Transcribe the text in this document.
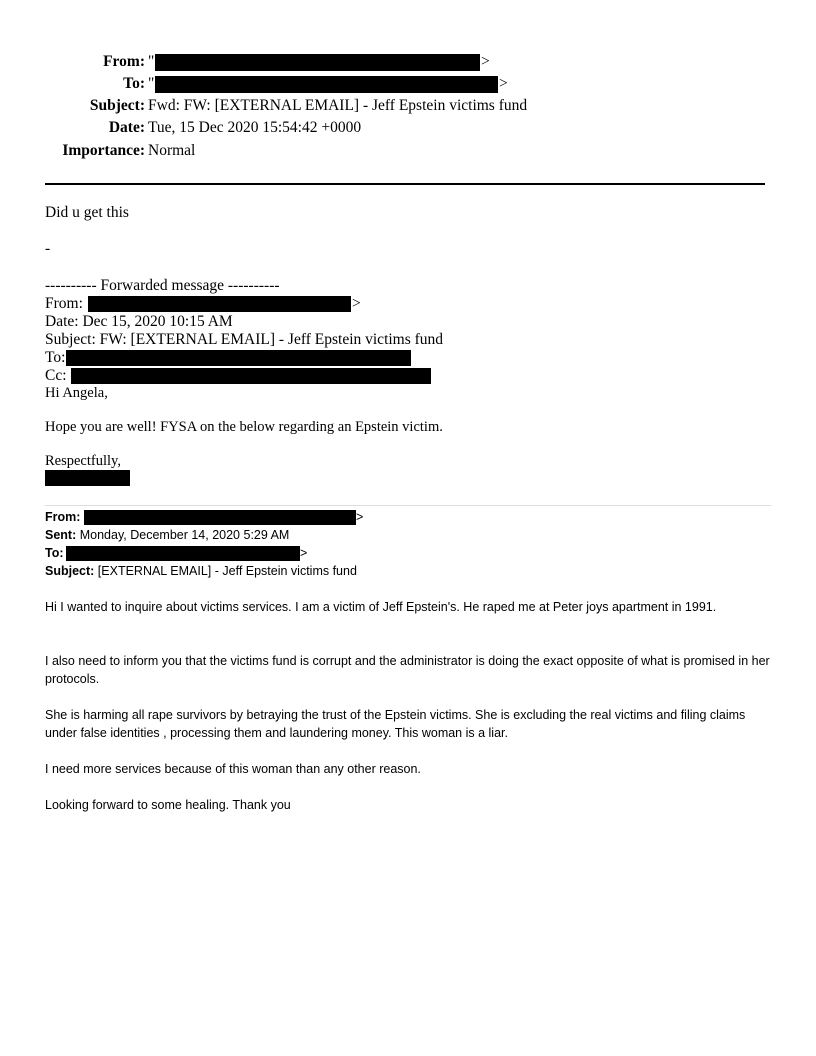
From: "	>
To: "	>
Subject: Fwd: FW: [EXTERNAL EMAIL] - Jeff Epstein victims fund
Date: Tue, 15 Dec 2020 15:54:42 +0000
Importance: Normal
Did u get this
-
---------- Forwarded message ----------
From:	>
Date: Dec 15, 2020 10:15 AM
Subject: FW: [EXTERNAL EMAIL] - Jeff Epstein victims fund
To:
Cc:
Hi Angela,
Hope you are well! FYSA on the below regarding an Epstein victim.
Respectfully,
From:	>
Sent: Monday, December 14, 2020 5:29 AM
To:	>
Subject: [EXTERNAL EMAIL] - Jeff Epstein victims fund
Hi I wanted to inquire about victims services. I am a victim of Jeff Epstein's. He raped me at Peter joys apartment in 1991.
I also need to inform you that the victims fund is corrupt and the administrator is doing the exact opposite of what is promised in her protocols.
She is harming all rape survivors by betraying the trust of the Epstein victims. She is excluding the real victims and filing claims under false identities , processing them and laundering money. This woman is a liar.
I need more services because of this woman than any other reason.
Looking forward to some healing. Thank you
